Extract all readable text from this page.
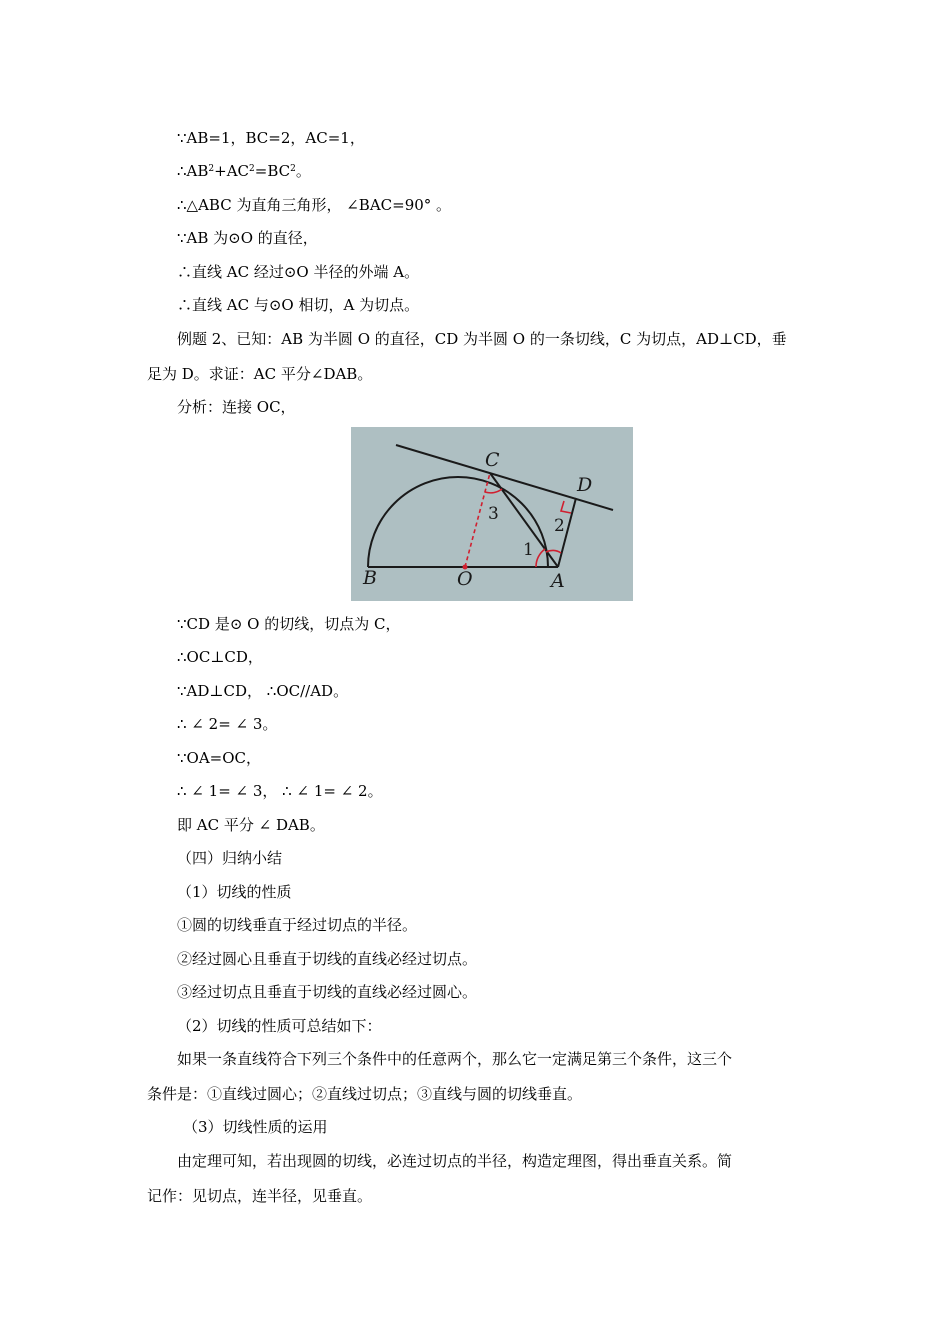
∵AB=1，BC=2，AC=1，
$\therefore AB^2+AC^2=BC^2$。
∴△ABC 为直角三角形， ∠BAC=90° 。
∵AB 为⊙O 的直径，
∴直线 AC 经过⊙O 半径的外端 A。
∴直线 AC 与⊙O 相切，A 为切点。
例题 2、已知：AB 为半圆 O 的直径，CD 为半圆 O 的一条切线，C 为切点，AD⊥CD，垂
足为 D。求证：AC 平分∠DAB。
分析：连接 OC，
B	O	A
C
D
1
2
3
∵CD 是⊙ O 的切线，切点为 C，
∴OC⊥CD，
∵AD⊥CD， ∴OC//AD。
∴ ∠ 2= ∠ 3。
∵OA=OC，
∴ ∠ 1= ∠ 3， ∴ ∠ 1= ∠ 2。
即 AC 平分 ∠ DAB。
（四）归纳小结
（1）切线的性质
①圆的切线垂直于经过切点的半径。
②经过圆心且垂直于切线的直线必经过切点。
③经过切点且垂直于切线的直线必经过圆心。
（2）切线的性质可总结如下：
如果一条直线符合下列三个条件中的任意两个，那么它一定满足第三个条件，这三个
条件是：①直线过圆心；②直线过切点；③直线与圆的切线垂直。
（3）切线性质的运用
由定理可知，若出现圆的切线，必连过切点的半径，构造定理图，得出垂直关系。简
记作：见切点，连半径，见垂直。
